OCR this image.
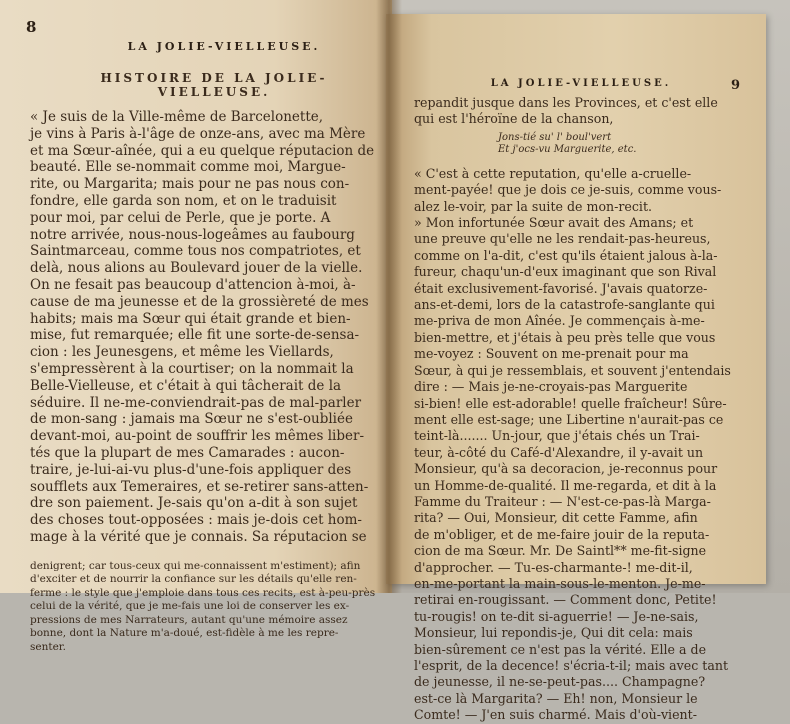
8
LA JOLIE-VIELLEUSE.
HISTOIRE DE LA JOLIE-VIELLEUSE.
« Je suis de la Ville-même de Barcelonette,
je vins à Paris à-l'âge de onze-ans, avec ma Mère
et ma Sœur-aînée, qui a eu quelque réputacion de
beauté. Elle se-nommait comme moi, Margue-
rite, ou Margarita; mais pour ne pas nous con-
fondre, elle garda son nom, et on le traduisit
pour moi, par celui de Perle, que je porte. A
notre arrivée, nous-nous-logeâmes au faubourg
Saintmarceau, comme tous nos compatriotes, et
delà, nous alions au Boulevard jouer de la vielle.
On ne fesait pas beaucoup d'attencion à-moi, à-
cause de ma jeunesse et de la grossièreté de mes
habits; mais ma Sœur qui était grande et bien-
mise, fut remarquée; elle fit une sorte-de-sensa-
cion : les Jeunesgens, et même les Viellards,
s'empressèrent à la courtiser; on la nommait la
Belle-Vielleuse, et c'était à qui tâcherait de la
séduire. Il ne-me-conviendrait-pas de mal-parler
de mon-sang : jamais ma Sœur ne s'est-oubliée
devant-moi, au-point de souffrir les mêmes liber-
tés que la plupart de mes Camarades : aucon-
traire, je-lui-ai-vu plus-d'une-fois appliquer des
soufflets aux Temeraires, et se-retirer sans-atten-
dre son paiement. Je-sais qu'on a-dit à son sujet
des choses tout-opposées : mais je-dois cet hom-
mage à la vérité que je connais. Sa réputacion se
denigrent; car tous-ceux qui me-connaissent m'estiment); afin
d'exciter et de nourrir la confiance sur les détails qu'elle ren-
ferme : le style que j'emploie dans tous ces recits, est à-peu-près
celui de la vérité, que je me-fais une loi de conserver les ex-
pressions de mes Narrateurs, autant qu'une mémoire assez
bonne, dont la Nature m'a-doué, est-fidèle à me les repre-
senter.
LA JOLIE-VIELLEUSE.	9
repandit jusque dans les Provinces, et c'est elle
qui est l'héroïne de la chanson,
Jons-tié su' l' boul'vert
Et j'ocs-vu Marguerite, etc.
« C'est à cette reputation, qu'elle a-cruelle-
ment-payée! que je dois ce je-suis, comme vous-
alez le-voir, par la suite de mon-recit.
» Mon infortunée Sœur avait des Amans; et
une preuve qu'elle ne les rendait-pas-heureus,
comme on l'a-dit, c'est qu'ils étaient jalous à-la-
fureur, chaqu'un-d'eux imaginant que son Rival
était exclusivement-favorisé. J'avais quatorze-
ans-et-demi, lors de la catastrofe-sanglante qui
me-priva de mon Aînée. Je commençais à-me-
bien-mettre, et j'étais à peu près telle que vous
me-voyez : Souvent on me-prenait pour ma
Sœur, à qui je ressemblais, et souvent j'entendais
dire : — Mais je-ne-croyais-pas Marguerite
si-bien! elle est-adorable! quelle fraîcheur! Sûre-
ment elle est-sage; une Libertine n'aurait-pas ce
teint-là....... Un-jour, que j'étais chés un Trai-
teur, à-côté du Café-d'Alexandre, il y-avait un
Monsieur, qu'à sa decoracion, je-reconnus pour
un Homme-de-qualité. Il me-regarda, et dit à la
Famme du Traiteur : — N'est-ce-pas-là Marga-
rita? — Oui, Monsieur, dit cette Famme, afin
de m'obliger, et de me-faire jouir de la reputa-
cion de ma Sœur. Mr. De Saintl** me-fit-signe
d'approcher. — Tu-es-charmante-! me-dit-il,
en-me-portant la main-sous-le-menton. Je-me-
retirai en-rougissant. — Comment donc, Petite!
tu-rougis! on te-dit si-aguerrie! — Je-ne-sais,
Monsieur, lui repondis-je, Qui dit cela: mais
bien-sûrement ce n'est pas la vérité. Elle a de
l'esprit, de la decence! s'écria-t-il; mais avec tant
de jeunesse, il ne-se-peut-pas.... Champagne?
est-ce là Margarita? — Eh! non, Monsieur le
Comte! — J'en suis charmé. Mais d'où-vient-
